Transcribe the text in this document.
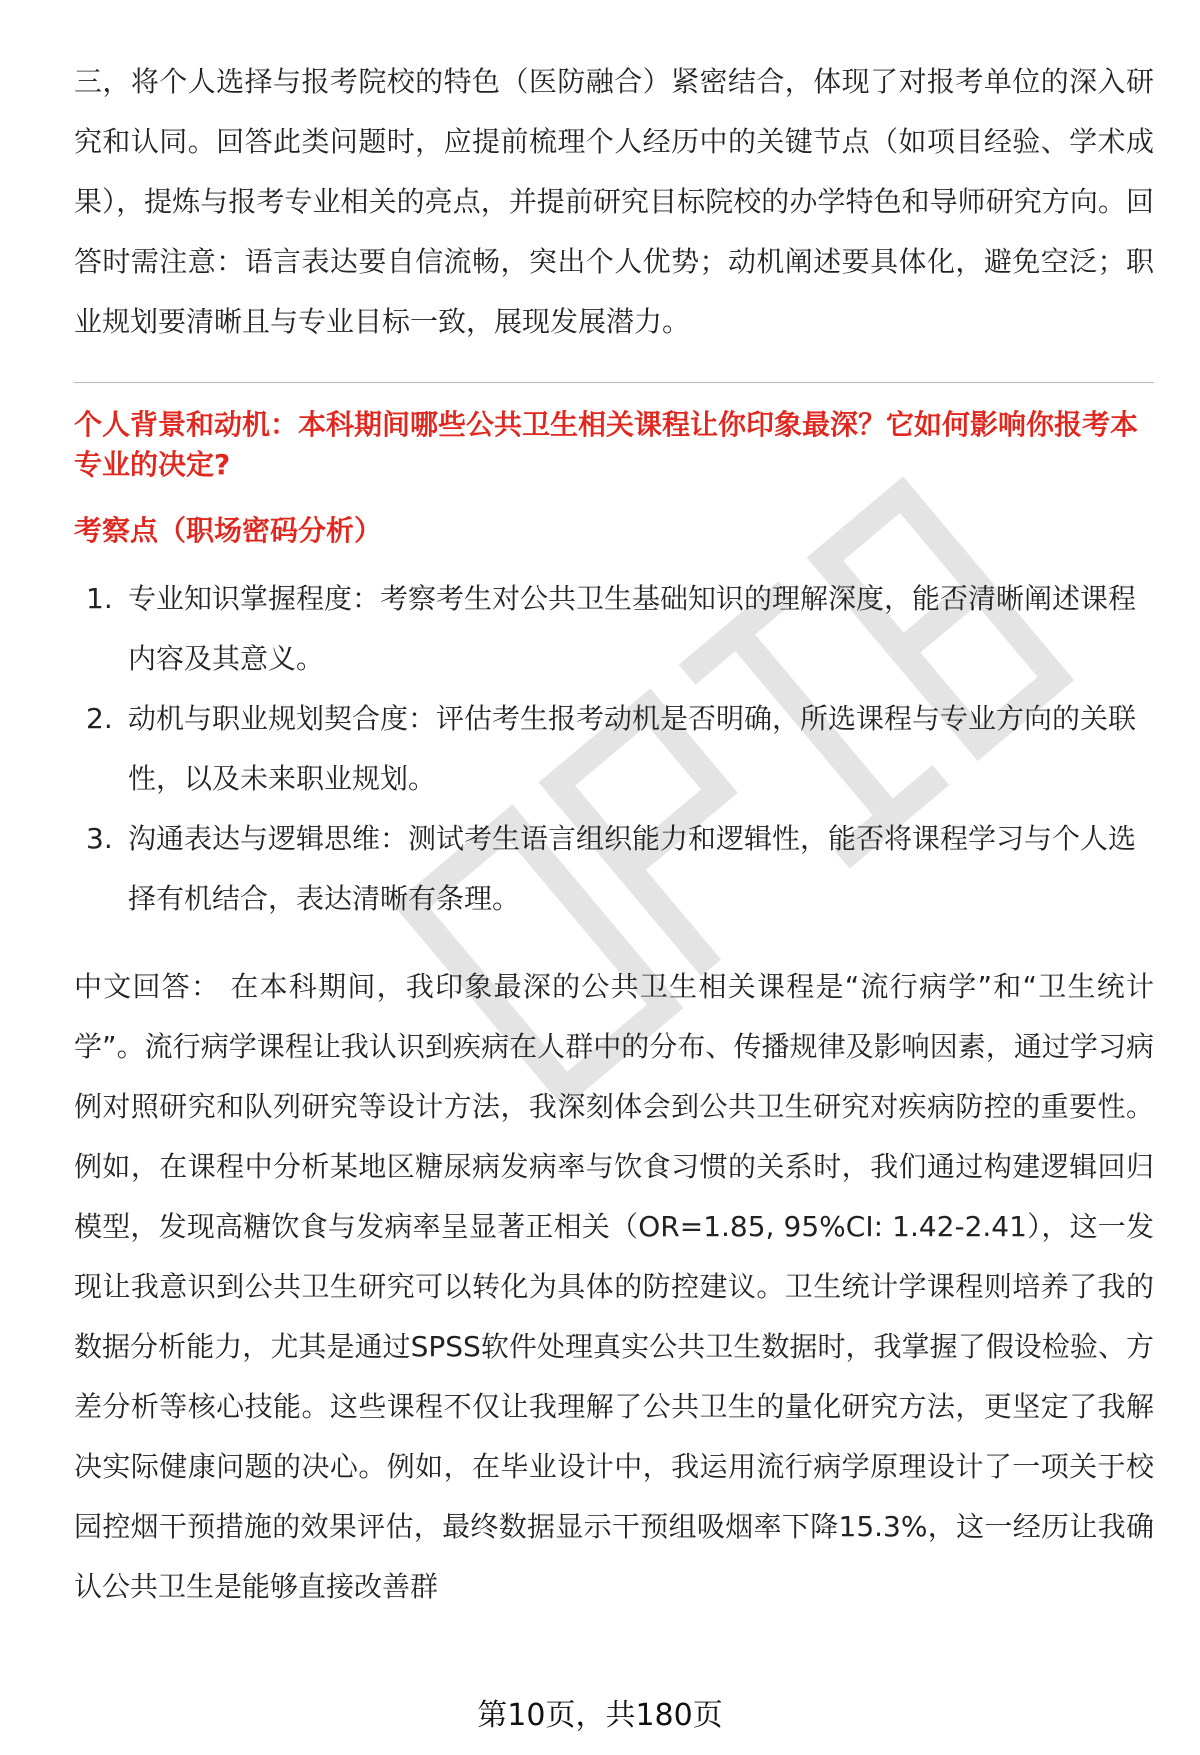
三，将个人选择与报考院校的特色（医防融合）紧密结合，体现了对报考单位的深入研究和认同。回答此类问题时，应提前梳理个人经历中的关键节点（如项目经验、学术成果），提炼与报考专业相关的亮点，并提前研究目标院校的办学特色和导师研究方向。回答时需注意：语言表达要自信流畅，突出个人优势；动机阐述要具体化，避免空泛；职业规划要清晰且与专业目标一致，展现发展潜力。

个人背景和动机：本科期间哪些公共卫生相关课程让你印象最深？它如何影响你报考本专业的决定?

考察点（职场密码分析）

1. 专业知识掌握程度：考察考生对公共卫生基础知识的理解深度，能否清晰阐述课程内容及其意义。
2. 动机与职业规划契合度：评估考生报考动机是否明确，所选课程与专业方向的关联性，以及未来职业规划。
3. 沟通表达与逻辑思维：测试考生语言组织能力和逻辑性，能否将课程学习与个人选择有机结合，表达清晰有条理。

中文回答： 在本科期间，我印象最深的公共卫生相关课程是“流行病学”和“卫生统计学”。流行病学课程让我认识到疾病在人群中的分布、传播规律及影响因素，通过学习病例对照研究和队列研究等设计方法，我深刻体会到公共卫生研究对疾病防控的重要性。例如，在课程中分析某地区糖尿病发病率与饮食习惯的关系时，我们通过构建逻辑回归模型，发现高糖饮食与发病率呈显著正相关（OR=1.85, 95%CI: 1.42-2.41），这一发现让我意识到公共卫生研究可以转化为具体的防控建议。卫生统计学课程则培养了我的数据分析能力，尤其是通过SPSS软件处理真实公共卫生数据时，我掌握了假设检验、方差分析等核心技能。这些课程不仅让我理解了公共卫生的量化研究方法，更坚定了我解决实际健康问题的决心。例如，在毕业设计中，我运用流行病学原理设计了一项关于校园控烟干预措施的效果评估，最终数据显示干预组吸烟率下降15.3%，这一经历让我确认公共卫生是能够直接改善群

第10页，共180页
